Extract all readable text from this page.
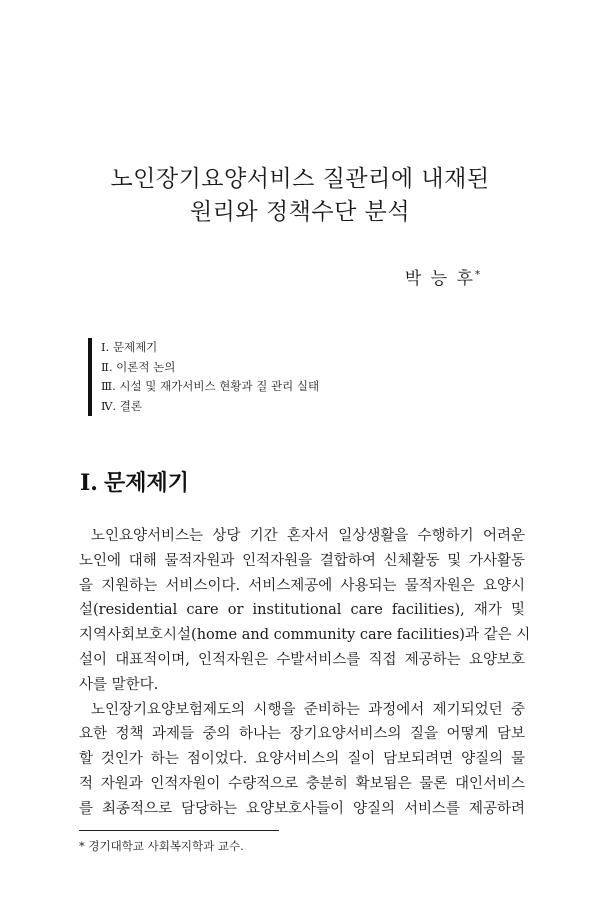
노인장기요양서비스 질관리에 내재된
원리와 정책수단 분석
박 능 후*
Ⅰ. 문제제기
Ⅱ. 이론적 논의
Ⅲ. 시설 및 재가서비스 현황과 질 관리 실태
Ⅳ. 결론
Ⅰ. 문제제기
노인요양서비스는 상당 기간 혼자서 일상생활을 수행하기 어려운
노인에 대해 물적자원과 인적자원을 결합하여 신체활동 및 가사활동
을 지원하는 서비스이다. 서비스제공에 사용되는 물적자원은 요양시
설(residential care or institutional care facilities), 재가 및
지역사회보호시설(home and community care facilities)과 같은 시
설이 대표적이며, 인적자원은 수발서비스를 직접 제공하는 요양보호
사를 말한다.
노인장기요양보험제도의 시행을 준비하는 과정에서 제기되었던 중
요한 정책 과제들 중의 하나는 장기요양서비스의 질을 어떻게 담보
할 것인가 하는 점이었다. 요양서비스의 질이 담보되려면 양질의 물
적 자원과 인적자원이 수량적으로 충분히 확보됨은 물론 대인서비스
를 최종적으로 담당하는 요양보호사들이 양질의 서비스를 제공하려
* 경기대학교 사회복지학과 교수.
